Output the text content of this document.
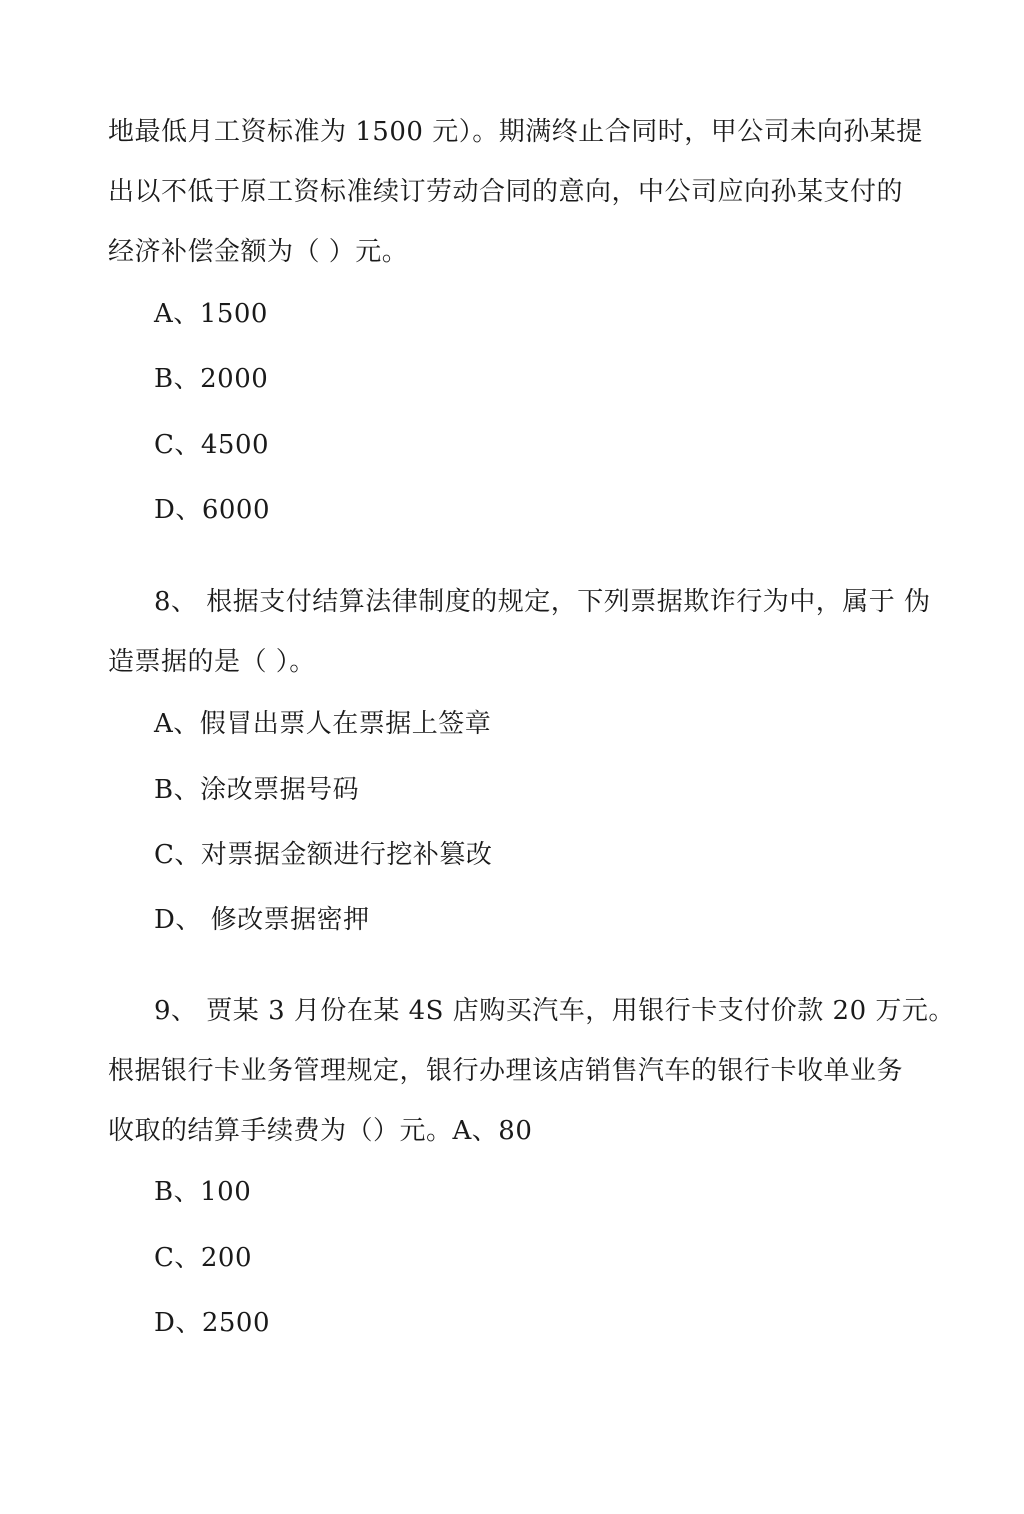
地最低月工资标准为 1500 元）。期满终止合同时，甲公司未向孙某提
出以不低于原工资标准续订劳动合同的意向，中公司应向孙某支付的
经济补偿金额为（ ）元。
A、1500
B、2000
C、4500
D、6000
8、 根据支付结算法律制度的规定，下列票据欺诈行为中，属于 伪
造票据的是（ ）。
A、假冒出票人在票据上签章
B、涂改票据号码
C、对票据金额进行挖补篡改
D、 修改票据密押
9、 贾某 3 月份在某 4S 店购买汽车，用银行卡支付价款 20 万元。
根据银行卡业务管理规定，银行办理该店销售汽车的银行卡收单业务
收取的结算手续费为（）元。A、80
B、100
C、200
D、2500
